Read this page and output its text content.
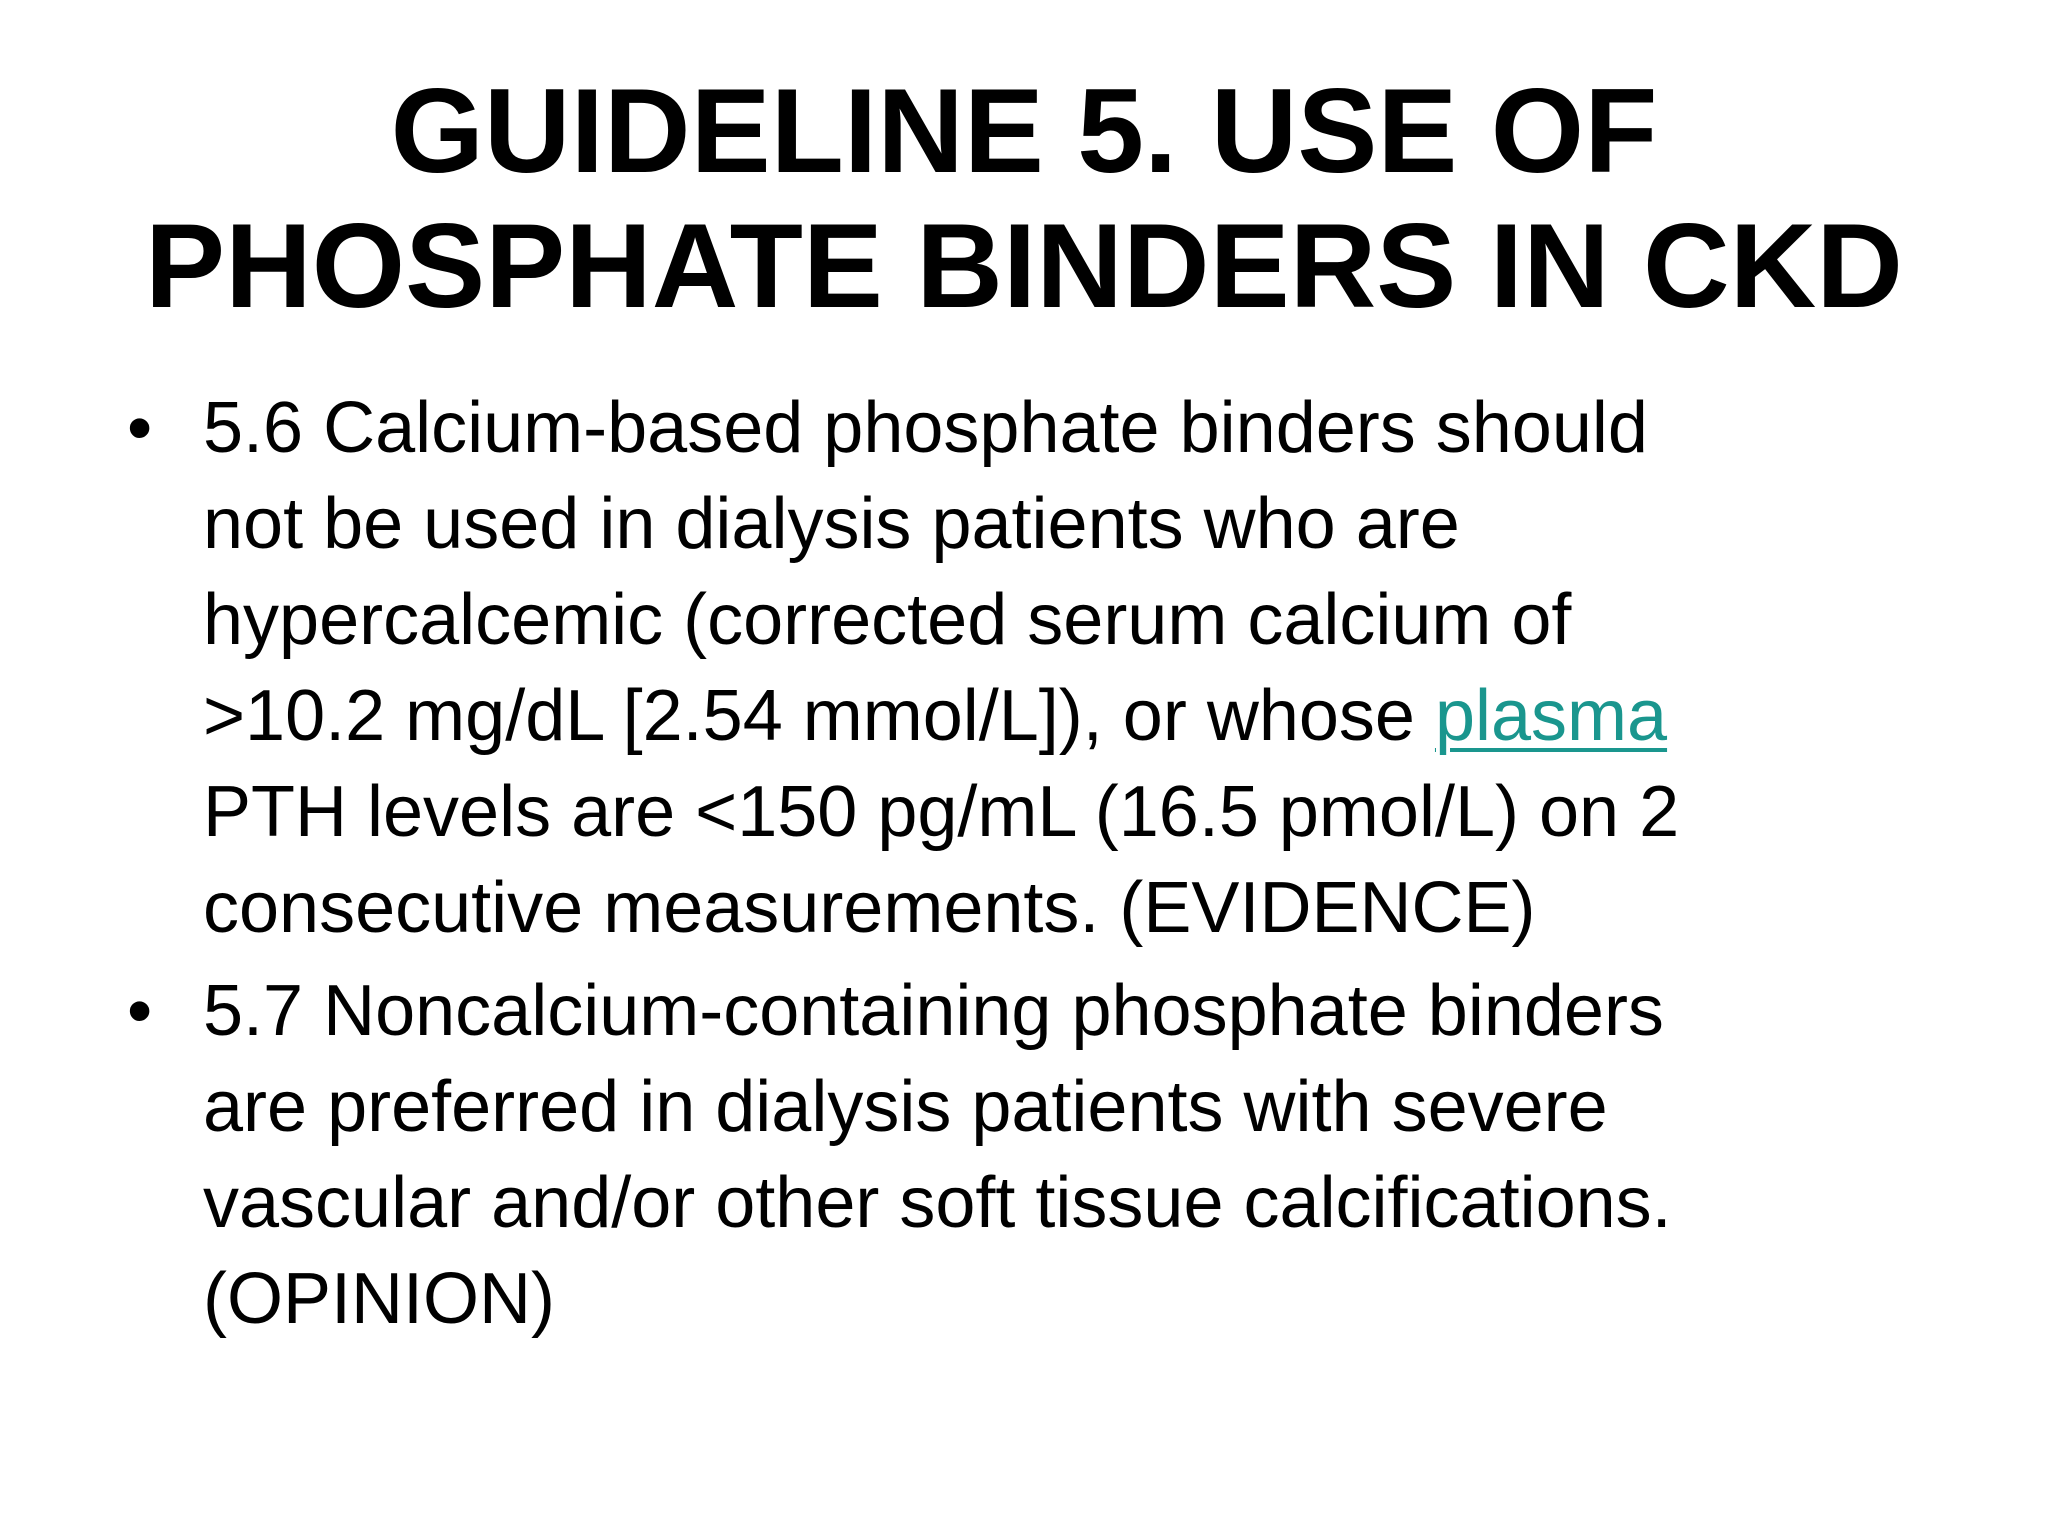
GUIDELINE 5. USE OF
PHOSPHATE BINDERS IN CKD
• 5.6 Calcium-based phosphate binders should
not be used in dialysis patients who are
hypercalcemic (corrected serum calcium of
>10.2 mg/dL [2.54 mmol/L]), or whose plasma
PTH levels are <150 pg/mL (16.5 pmol/L) on 2
consecutive measurements. (EVIDENCE)
• 5.7 Noncalcium-containing phosphate binders
are preferred in dialysis patients with severe
vascular and/or other soft tissue calcifications.
(OPINION)
